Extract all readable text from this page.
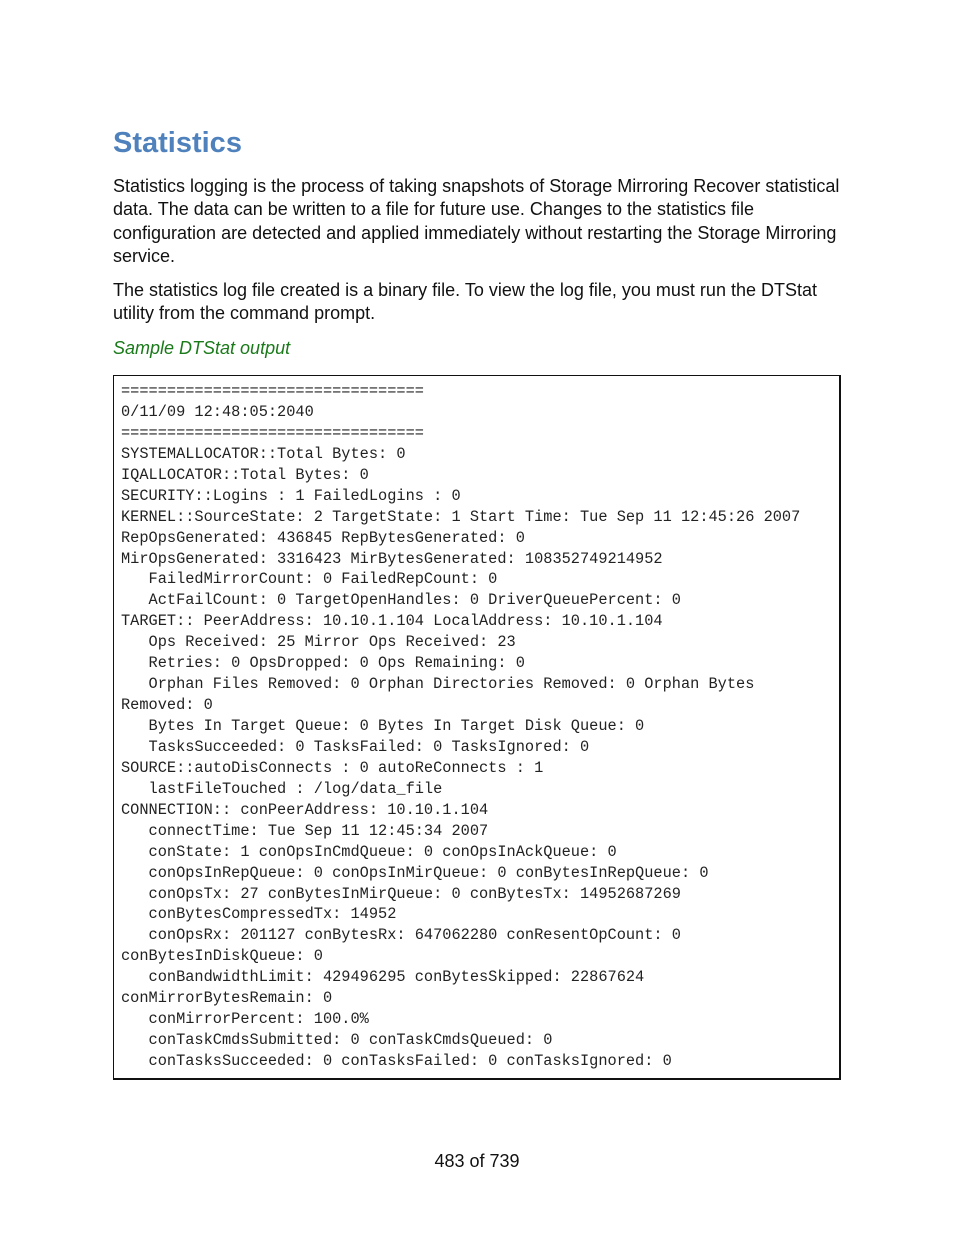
Statistics

Statistics logging is the process of taking snapshots of Storage Mirroring Recover statistical data. The data can be written to a file for future use. Changes to the statistics file configuration are detected and applied immediately without restarting the Storage Mirroring service.

The statistics log file created is a binary file. To view the log file, you must run the DTStat utility from the command prompt.

Sample DTStat output

=================================
0/11/09 12:48:05:2040
=================================
SYSTEMALLOCATOR::Total Bytes: 0
IQALLOCATOR::Total Bytes: 0
SECURITY::Logins : 1 FailedLogins : 0
KERNEL::SourceState: 2 TargetState: 1 Start Time: Tue Sep 11 12:45:26 2007
RepOpsGenerated: 436845 RepBytesGenerated: 0
MirOpsGenerated: 3316423 MirBytesGenerated: 108352749214952
FailedMirrorCount: 0 FailedRepCount: 0
ActFailCount: 0 TargetOpenHandles: 0 DriverQueuePercent: 0
TARGET:: PeerAddress: 10.10.1.104 LocalAddress: 10.10.1.104
Ops Received: 25 Mirror Ops Received: 23
Retries: 0 OpsDropped: 0 Ops Remaining: 0
Orphan Files Removed: 0 Orphan Directories Removed: 0 Orphan Bytes
Removed: 0
Bytes In Target Queue: 0 Bytes In Target Disk Queue: 0
TasksSucceeded: 0 TasksFailed: 0 TasksIgnored: 0
SOURCE::autoDisConnects : 0 autoReConnects : 1
lastFileTouched : /log/data_file
CONNECTION:: conPeerAddress: 10.10.1.104
connectTime: Tue Sep 11 12:45:34 2007
conState: 1 conOpsInCmdQueue: 0 conOpsInAckQueue: 0
conOpsInRepQueue: 0 conOpsInMirQueue: 0 conBytesInRepQueue: 0
conOpsTx: 27 conBytesInMirQueue: 0 conBytesTx: 14952687269
conBytesCompressedTx: 14952
conOpsRx: 201127 conBytesRx: 647062280 conResentOpCount: 0
conBytesInDiskQueue: 0
conBandwidthLimit: 429496295 conBytesSkipped: 22867624
conMirrorBytesRemain: 0
conMirrorPercent: 100.0%
conTaskCmdsSubmitted: 0 conTaskCmdsQueued: 0
conTasksSucceeded: 0 conTasksFailed: 0 conTasksIgnored: 0

483 of 739
